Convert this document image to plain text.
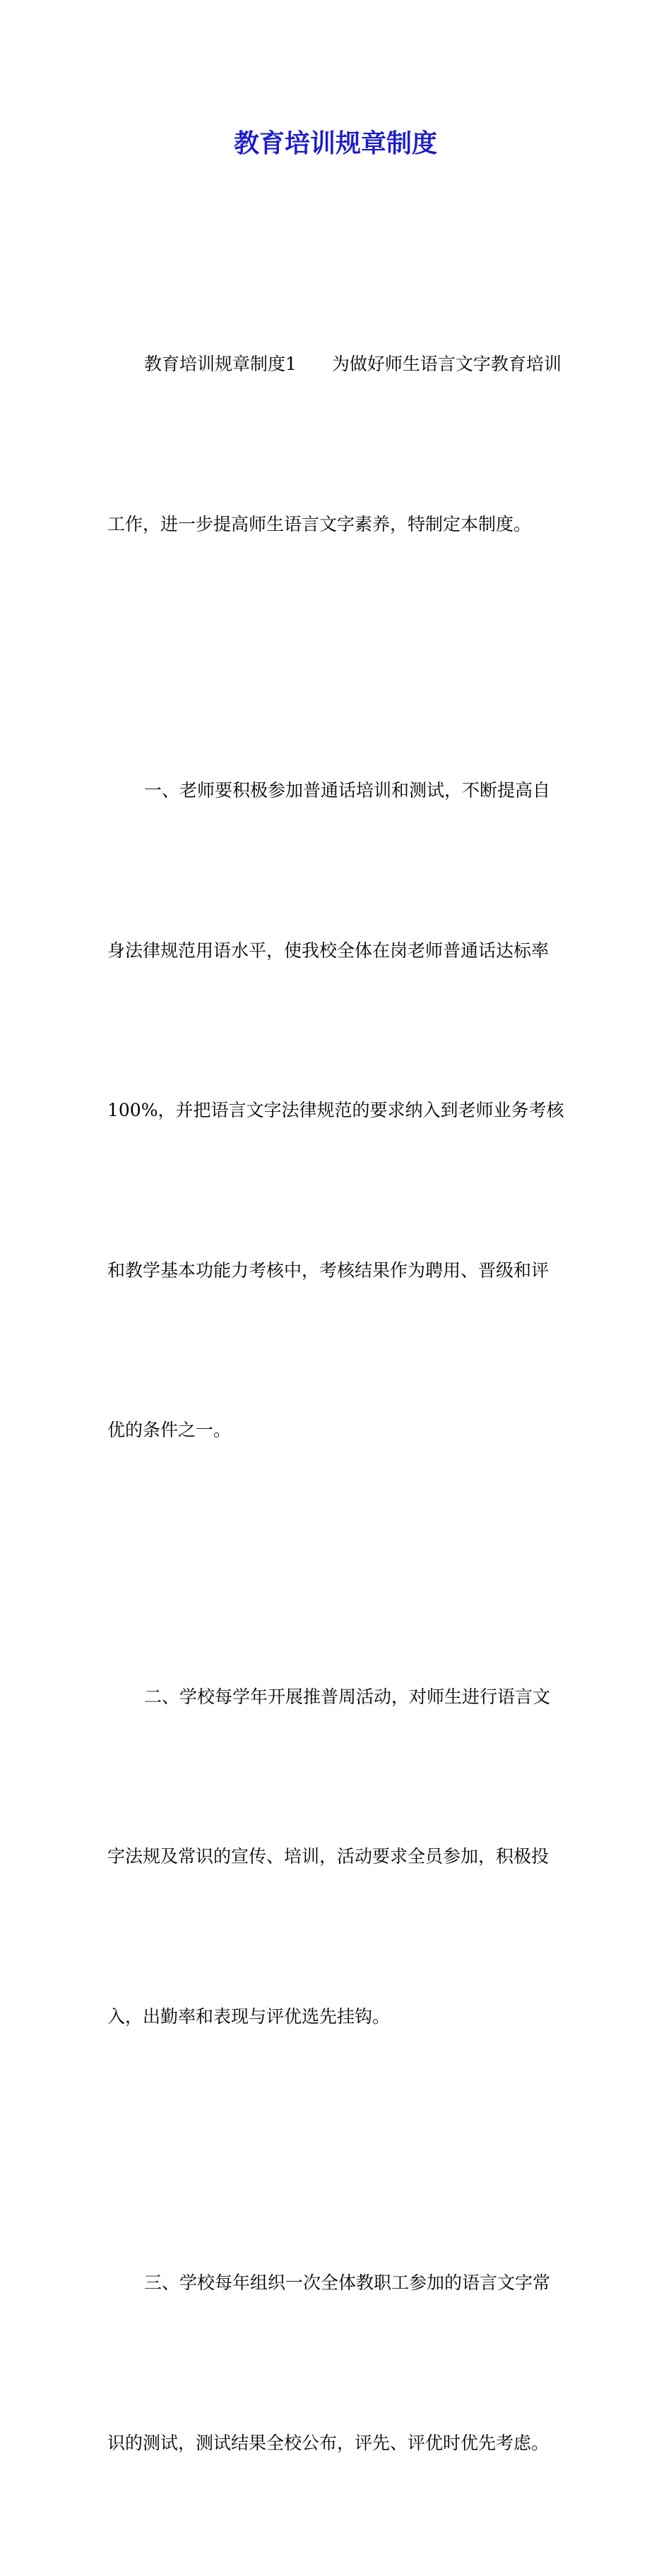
教育培训规章制度

教育培训规章制度1　　为做好师生语言文字教育培训

工作，进一步提高师生语言文字素养，特制定本制度。

一、老师要积极参加普通话培训和测试，不断提高自

身法律规范用语水平，使我校全体在岗老师普通话达标率

100%，并把语言文字法律规范的要求纳入到老师业务考核

和教学基本功能力考核中，考核结果作为聘用、晋级和评

优的条件之一。

二、学校每学年开展推普周活动，对师生进行语言文

字法规及常识的宣传、培训，活动要求全员参加，积极投

入，出勤率和表现与评优选先挂钩。

三、学校每年组织一次全体教职工参加的语言文字常

识的测试，测试结果全校公布，评先、评优时优先考虑。
